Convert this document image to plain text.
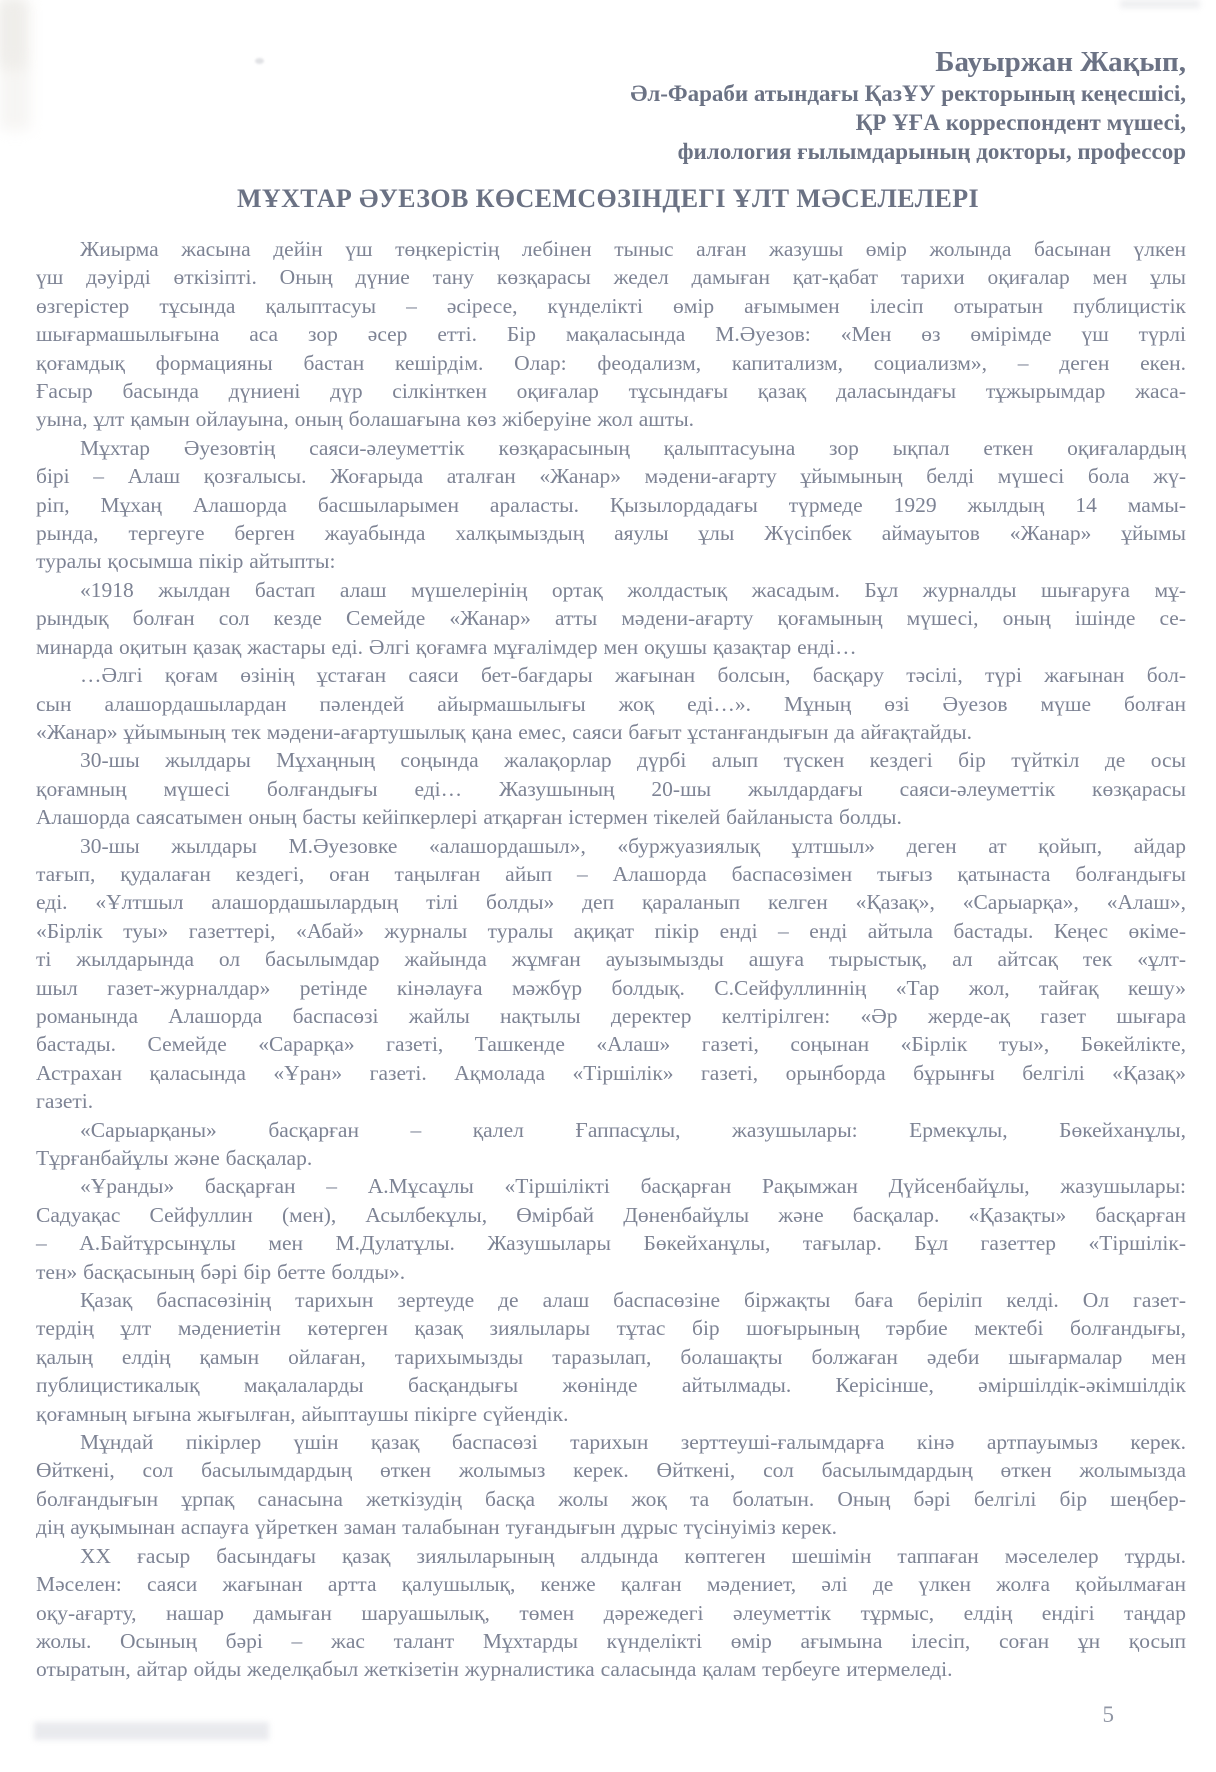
Бауыржан Жақып,
Әл-Фараби атындағы ҚазҰУ ректорының кеңесшісі,
ҚР ҰҒА корреспондент мүшесі,
филология ғылымдарының докторы, профессор
МҰХТАР ӘУЕЗОВ КӨСЕМСӨЗІНДЕГІ ҰЛТ МӘСЕЛЕЛЕРІ
Жиырма жасына дейін үш төңкерістің лебінен тыныс алған жазушы өмір жолында басынан үлкен
үш дәуірді өткізіпті. Оның дүние тану көзқарасы жедел дамыған қат-қабат тарихи оқиғалар мен ұлы
өзгерістер тұсында қалыптасуы – әсіресе, күнделікті өмір ағымымен ілесіп отыратын публицистік
шығармашылығына аса зор әсер етті. Бір мақаласында М.Әуезов: «Мен өз өмірімде үш түрлі
қоғамдық формацияны бастан кешірдім. Олар: феодализм, капитализм, социализм», – деген екен.
Ғасыр басында дүниені дүр сілкінткен оқиғалар тұсындағы қазақ даласындағы тұжырымдар жаса-
уына, ұлт қамын ойлауына, оның болашағына көз жіберуіне жол ашты.
Мұхтар Әуезовтің саяси-әлеуметтік көзқарасының қалыптасуына зор ықпал еткен оқиғалардың
бірі – Алаш қозғалысы. Жоғарыда аталған «Жанар» мәдени-ағарту ұйымының белді мүшесі бола жү-
ріп, Мұхаң Алашорда басшыларымен араласты. Қызылордадағы түрмеде 1929 жылдың 14 мамы-
рында, тергеуге берген жауабында халқымыздың аяулы ұлы Жүсіпбек аймауытов «Жанар» ұйымы
туралы қосымша пікір айтыпты:
«1918 жылдан бастап алаш мүшелерінің ортақ жолдастық жасадым. Бұл журналды шығаруға мұ-
рындық болған сол кезде Семейде «Жанар» атты мәдени-ағарту қоғамының мүшесі, оның ішінде се-
минарда оқитын қазақ жастары еді. Әлгі қоғамға мұғалімдер мен оқушы қазақтар енді…
…Әлгі қоғам өзінің ұстаған саяси бет-бағдары жағынан болсын, басқару тәсілі, түрі жағынан бол-
сын алашордашылардан пәлендей айырмашылығы жоқ еді…». Мұның өзі Әуезов мүше болған
«Жанар» ұйымының тек мәдени-ағартушылық қана емес, саяси бағыт ұстанғандығын да айғақтайды.
30-шы жылдары Мұхаңның соңында жалақорлар дүрбі алып түскен кездегі бір түйткіл де осы
қоғамның мүшесі болғандығы еді… Жазушының 20-шы жылдардағы саяси-әлеуметтік көзқарасы
Алашорда саясатымен оның басты кейіпкерлері атқарған істермен тікелей байланыста болды.
30-шы жылдары М.Әуезовке «алашордашыл», «буржуазиялық ұлтшыл» деген ат қойып, айдар
тағып, қудалаған кездегі, оған таңылған айып – Алашорда баспасөзімен тығыз қатынаста болғандығы
еді. «Ұлтшыл алашордашылардың тілі болды» деп қараланып келген «Қазақ», «Сарыарқа», «Алаш»,
«Бірлік туы» газеттері, «Абай» журналы туралы ақиқат пікір енді – енді айтыла бастады. Кеңес өкіме-
ті жылдарында ол басылымдар жайында жұмған ауызымызды ашуға тырыстық, ал айтсақ тек «ұлт-
шыл газет-журналдар» ретінде кінәлауға мәжбүр болдық. С.Сейфуллиннің «Тар жол, тайғақ кешу»
романында Алашорда баспасөзі жайлы нақтылы деректер келтірілген: «Әр жерде-ақ газет шығара
бастады. Семейде «Сарарқа» газеті, Ташкенде «Алаш» газеті, соңынан «Бірлік туы», Бөкейлікте,
Астрахан қаласында «Ұран» газеті. Ақмолада «Тіршілік» газеті, орынборда бұрынғы белгілі «Қазақ»
газеті.
«Сарыарқаны» басқарған – қалел Ғаппасұлы, жазушылары: Ермекұлы, Бөкейханұлы,
Тұрғанбайұлы және басқалар.
«Ұранды» басқарған – А.Мұсаұлы «Тіршілікті басқарған Рақымжан Дүйсенбайұлы, жазушылары:
Садуақас Сейфуллин (мен), Асылбекұлы, Өмірбай Дөненбайұлы және басқалар. «Қазақты» басқарған
– А.Байтұрсынұлы мен М.Дулатұлы. Жазушылары Бөкейханұлы, тағылар. Бұл газеттер «Тіршілік-
тен» басқасының бәрі бір бетте болды».
Қазақ баспасөзінің тарихын зертеуде де алаш баспасөзіне біржақты баға беріліп келді. Ол газет-
тердің ұлт мәдениетін көтерген қазақ зиялылары тұтас бір шоғырының тәрбие мектебі болғандығы,
қалың елдің қамын ойлаған, тарихымызды таразылап, болашақты болжаған әдеби шығармалар мен
публицистикалық мақалаларды басқандығы жөнінде айтылмады. Керісінше, әміршілдік-әкімшілдік
қоғамның ығына жығылған, айыптаушы пікірге сүйендік.
Мұндай пікірлер үшін қазақ баспасөзі тарихын зерттеуші-ғалымдарға кінә артпауымыз керек.
Өйткені, сол басылымдардың өткен жолымыз керек. Өйткені, сол басылымдардың өткен жолымызда
болғандығын ұрпақ санасына жеткізудің басқа жолы жоқ та болатын. Оның бәрі белгілі бір шеңбер-
дің ауқымынан аспауға үйреткен заман талабынан туғандығын дұрыс түсінуіміз керек.
ХХ ғасыр басындағы қазақ зиялыларының алдында көптеген шешімін таппаған мәселелер тұрды.
Мәселен: саяси жағынан артта қалушылық, кенже қалған мәдениет, әлі де үлкен жолға қойылмаған
оқу-ағарту, нашар дамыған шаруашылық, төмен дәрежедегі әлеуметтік тұрмыс, елдің ендігі таңдар
жолы. Осының бәрі – жас талант Мұхтарды күнделікті өмір ағымына ілесіп, соған ұн қосып
отыратын, айтар ойды жеделқабыл жеткізетін журналистика саласында қалам тербеуге итермеледі.
5
